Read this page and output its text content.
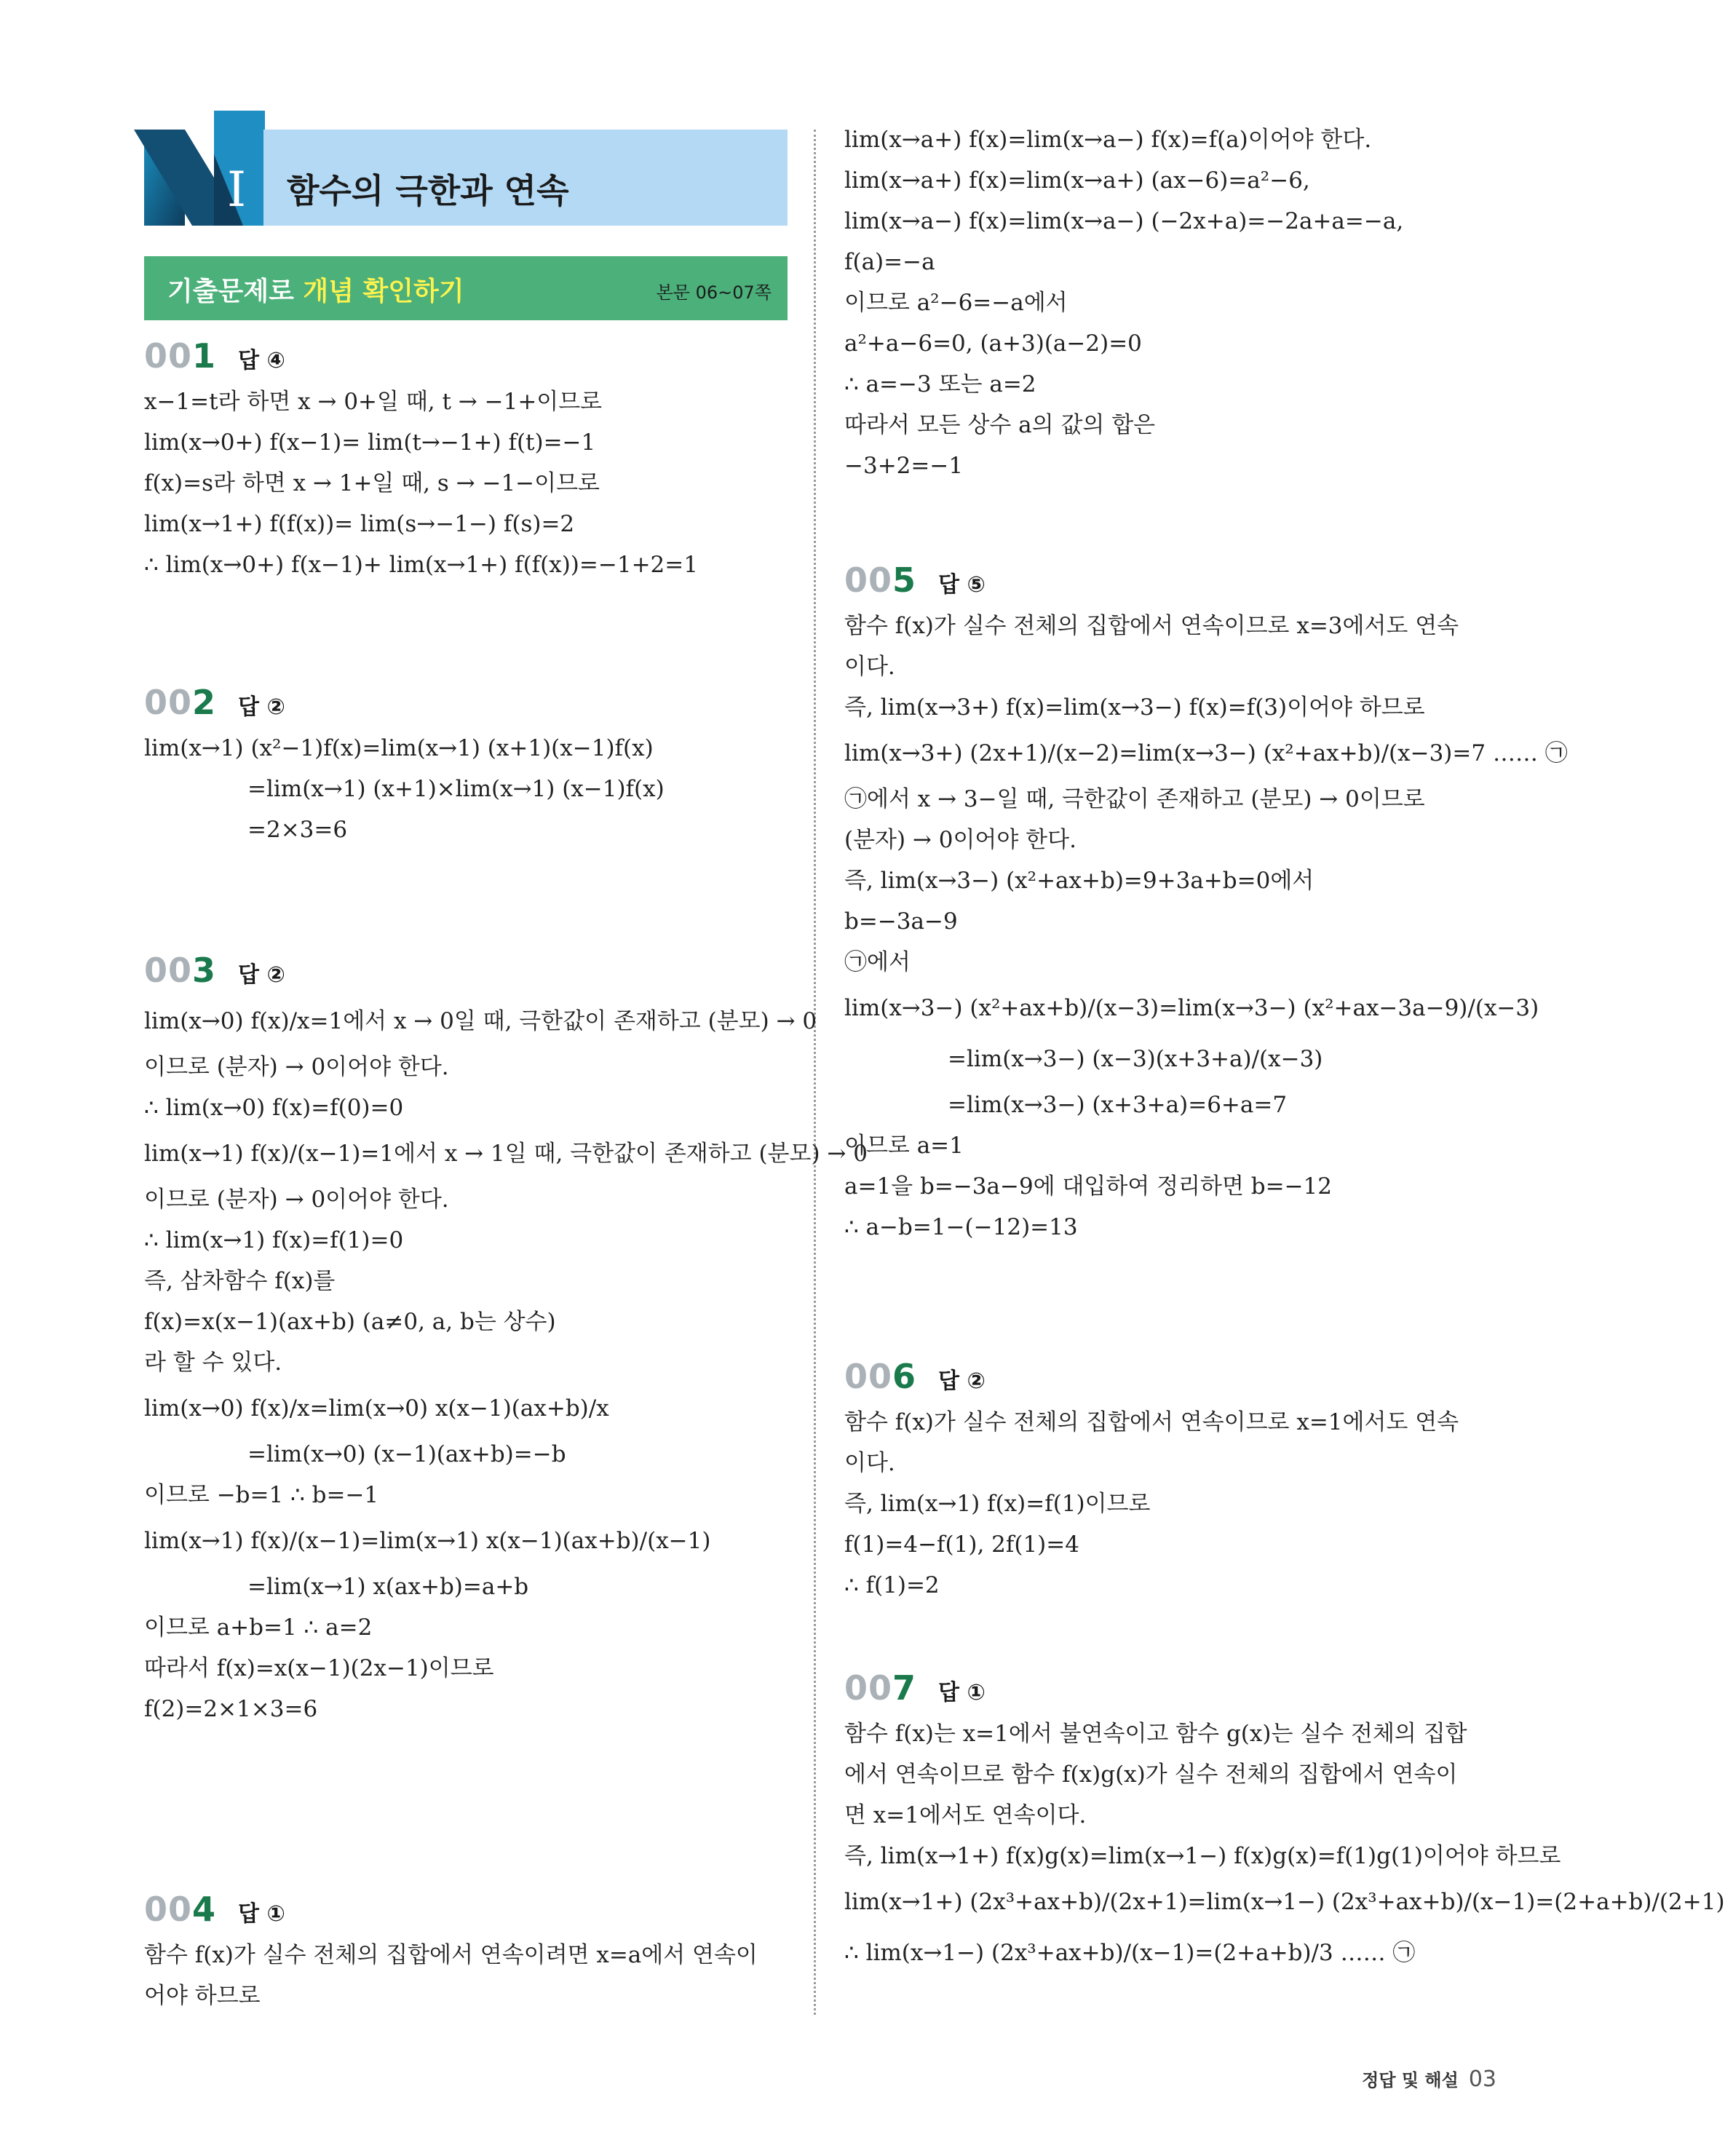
I 함수의 극한과 연속
기출문제로 개념 확인하기	본문 06~07쪽
001 답 ④
x−1=t라 하면 x → 0+일 때, t → −1+이므로
lim(x→0+) f(x−1)= lim(t→−1+) f(t)=−1
f(x)=s라 하면 x → 1+일 때, s → −1−이므로
lim(x→1+) f(f(x))= lim(s→−1−) f(s)=2
∴ lim(x→0+) f(x−1)+ lim(x→1+) f(f(x))=−1+2=1
002 답 ②
lim(x→1) (x²−1)f(x)=lim(x→1) (x+1)(x−1)f(x)
=lim(x→1) (x+1)×lim(x→1) (x−1)f(x)
=2×3=6
003 답 ②
lim(x→0) f(x)/x=1에서 x → 0일 때, 극한값이 존재하고 (분모) → 0
이므로 (분자) → 0이어야 한다.
∴ lim(x→0) f(x)=f(0)=0
lim(x→1) f(x)/(x−1)=1에서 x → 1일 때, 극한값이 존재하고 (분모) → 0
이므로 (분자) → 0이어야 한다.
∴ lim(x→1) f(x)=f(1)=0
즉, 삼차함수 f(x)를
f(x)=x(x−1)(ax+b) (a≠0, a, b는 상수)
라 할 수 있다.
lim(x→0) f(x)/x=lim(x→0) x(x−1)(ax+b)/x
=lim(x→0) (x−1)(ax+b)=−b
이므로 −b=1 ∴ b=−1
lim(x→1) f(x)/(x−1)=lim(x→1) x(x−1)(ax+b)/(x−1)
=lim(x→1) x(ax+b)=a+b
이므로 a+b=1 ∴ a=2
따라서 f(x)=x(x−1)(2x−1)이므로
f(2)=2×1×3=6
004 답 ①
함수 f(x)가 실수 전체의 집합에서 연속이려면 x=a에서 연속이
어야 하므로
lim(x→a+) f(x)=lim(x→a−) f(x)=f(a)이어야 한다.
lim(x→a+) f(x)=lim(x→a+) (ax−6)=a²−6,
lim(x→a−) f(x)=lim(x→a−) (−2x+a)=−2a+a=−a,
f(a)=−a
이므로 a²−6=−a에서
a²+a−6=0, (a+3)(a−2)=0
∴ a=−3 또는 a=2
따라서 모든 상수 a의 값의 합은
−3+2=−1
005 답 ⑤
함수 f(x)가 실수 전체의 집합에서 연속이므로 x=3에서도 연속
이다.
즉, lim(x→3+) f(x)=lim(x→3−) f(x)=f(3)이어야 하므로
lim(x→3+) (2x+1)/(x−2)=lim(x→3−) (x²+ax+b)/(x−3)=7 …… ㉠
㉠에서 x → 3−일 때, 극한값이 존재하고 (분모) → 0이므로
(분자) → 0이어야 한다.
즉, lim(x→3−) (x²+ax+b)=9+3a+b=0에서
b=−3a−9
㉠에서
lim(x→3−) (x²+ax+b)/(x−3)=lim(x→3−) (x²+ax−3a−9)/(x−3)
=lim(x→3−) (x−3)(x+3+a)/(x−3)
=lim(x→3−) (x+3+a)=6+a=7
이므로 a=1
a=1을 b=−3a−9에 대입하여 정리하면 b=−12
∴ a−b=1−(−12)=13
006 답 ②
함수 f(x)가 실수 전체의 집합에서 연속이므로 x=1에서도 연속
이다.
즉, lim(x→1) f(x)=f(1)이므로
f(1)=4−f(1), 2f(1)=4
∴ f(1)=2
007 답 ①
함수 f(x)는 x=1에서 불연속이고 함수 g(x)는 실수 전체의 집합
에서 연속이므로 함수 f(x)g(x)가 실수 전체의 집합에서 연속이
면 x=1에서도 연속이다.
즉, lim(x→1+) f(x)g(x)=lim(x→1−) f(x)g(x)=f(1)g(1)이어야 하므로
lim(x→1+) (2x³+ax+b)/(2x+1)=lim(x→1−) (2x³+ax+b)/(x−1)=(2+a+b)/(2+1)
∴ lim(x→1−) (2x³+ax+b)/(x−1)=(2+a+b)/3 …… ㉠
정답 및 해설 03
